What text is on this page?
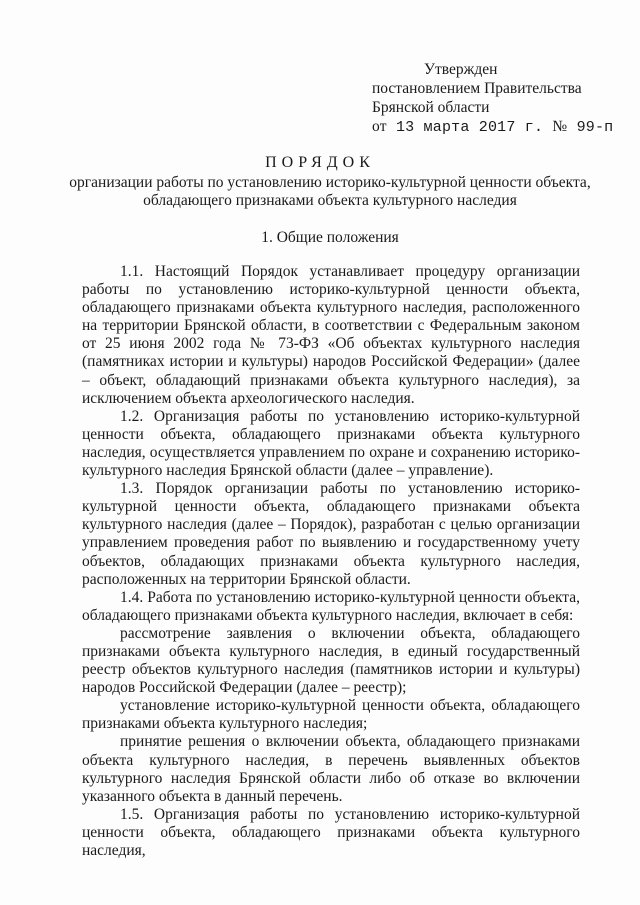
Утвержден
постановлением Правительства
Брянской области
от 13 марта 2017 г. № 99-п
ПОРЯДОК
организации работы по установлению историко-культурной ценности объекта, обладающего признаками объекта культурного наследия
1. Общие положения

1.1. Настоящий Порядок устанавливает процедуру организации работы по установлению историко-культурной ценности объекта, обладающего признаками объекта культурного наследия, расположенного на территории Брянской области, в соответствии с Федеральным законом от 25 июня 2002 года № 73-ФЗ «Об объектах культурного наследия (памятниках истории и культуры) народов Российской Федерации» (далее – объект, обладающий признаками объекта культурного наследия), за исключением объекта археологического наследия.

1.2. Организация работы по установлению историко-культурной ценности объекта, обладающего признаками объекта культурного наследия, осуществляется управлением по охране и сохранению историко-культурного наследия Брянской области (далее – управление).

1.3. Порядок организации работы по установлению историко-культурной ценности объекта, обладающего признаками объекта культурного наследия (далее – Порядок), разработан с целью организации управлением проведения работ по выявлению и государственному учету объектов, обладающих признаками объекта культурного наследия, расположенных на территории Брянской области.

1.4. Работа по установлению историко-культурной ценности объекта, обладающего признаками объекта культурного наследия, включает в себя:

рассмотрение заявления о включении объекта, обладающего признаками объекта культурного наследия, в единый государственный реестр объектов культурного наследия (памятников истории и культуры) народов Российской Федерации (далее – реестр);

установление историко-культурной ценности объекта, обладающего признаками объекта культурного наследия;

принятие решения о включении объекта, обладающего признаками объекта культурного наследия, в перечень выявленных объектов культурного наследия Брянской области либо об отказе во включении указанного объекта в данный перечень.

1.5. Организация работы по установлению историко-культурной ценности объекта, обладающего признаками объекта культурного наследия,
